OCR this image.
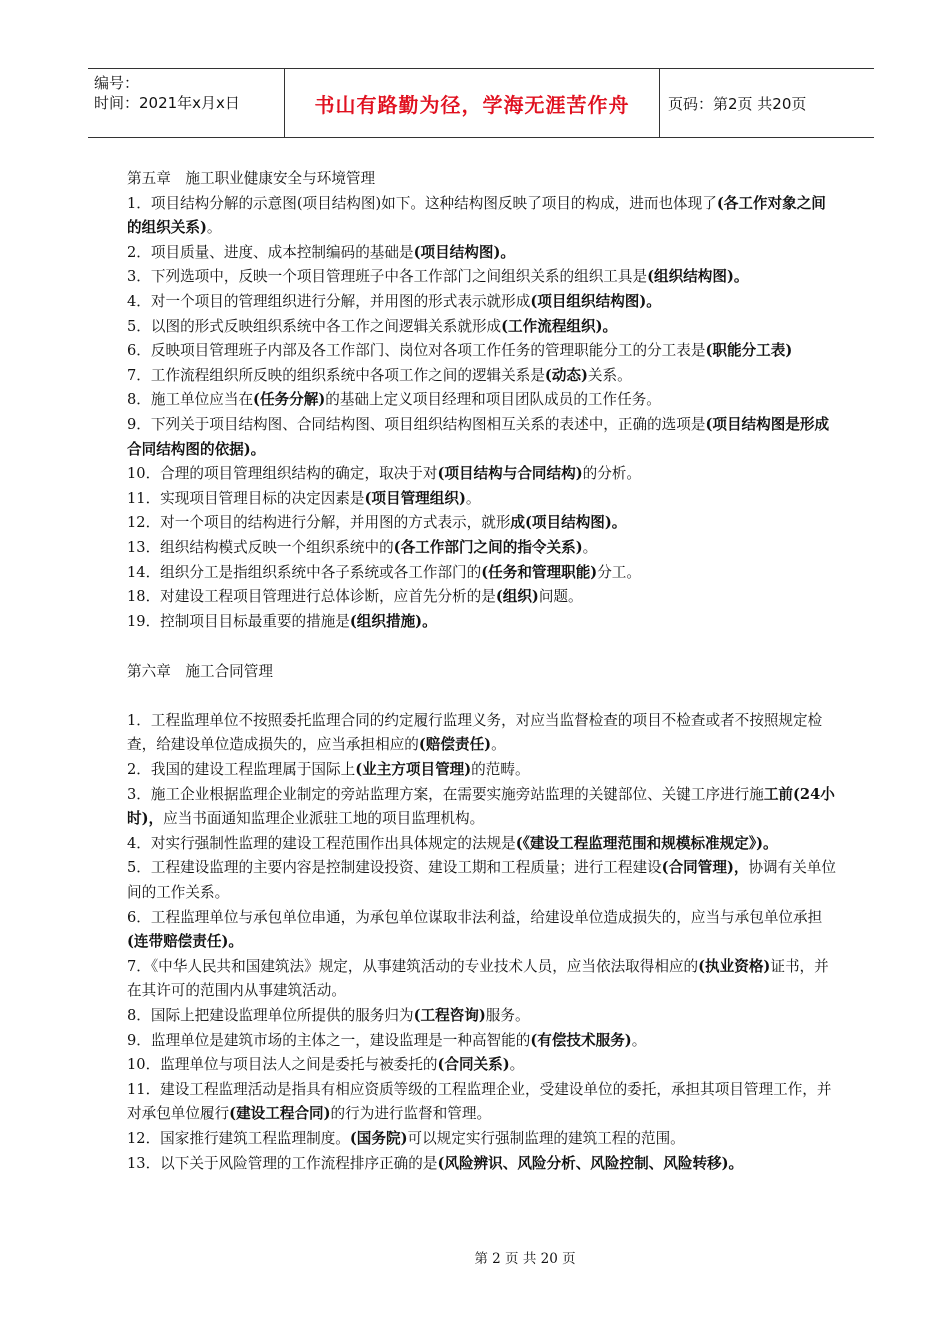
编号：
时间：2021年x月x日	书山有路勤为径，学海无涯苦作舟	页码：第2页 共20页

第五章　施工职业健康安全与环境管理

1．项目结构分解的示意图(项目结构图)如下。这种结构图反映了项目的构成，进而也体现了(各工作对象之间的组织关系)。

2．项目质量、进度、成本控制编码的基础是(项目结构图)。

3．下列选项中，反映一个项目管理班子中各工作部门之间组织关系的组织工具是(组织结构图)。

4．对一个项目的管理组织进行分解，并用图的形式表示就形成(项目组织结构图)。

5．以图的形式反映组织系统中各工作之间逻辑关系就形成(工作流程组织)。

6．反映项目管理班子内部及各工作部门、岗位对各项工作任务的管理职能分工的分工表是(职能分工表)

7．工作流程组织所反映的组织系统中各项工作之间的逻辑关系是(动态)关系。

8．施工单位应当在(任务分解)的基础上定义项目经理和项目团队成员的工作任务。

9．下列关于项目结构图、合同结构图、项目组织结构图相互关系的表述中，正确的选项是(项目结构图是形成合同结构图的依据)。

10．合理的项目管理组织结构的确定，取决于对(项目结构与合同结构)的分析。

11．实现项目管理目标的决定因素是(项目管理组织)。

12．对一个项目的结构进行分解，并用图的方式表示，就形成(项目结构图)。

13．组织结构模式反映一个组织系统中的(各工作部门之间的指令关系)。

14．组织分工是指组织系统中各子系统或各工作部门的(任务和管理职能)分工。

18．对建设工程项目管理进行总体诊断，应首先分析的是(组织)问题。

19．控制项目目标最重要的措施是(组织措施)。

第六章　施工合同管理

1．工程监理单位不按照委托监理合同的约定履行监理义务，对应当监督检查的项目不检查或者不按照规定检查，给建设单位造成损失的，应当承担相应的(赔偿责任)。

2．我国的建设工程监理属于国际上(业主方项目管理)的范畴。

3．施工企业根据监理企业制定的旁站监理方案，在需要实施旁站监理的关键部位、关键工序进行施工前(24小时)，应当书面通知监理企业派驻工地的项目监理机构。

4．对实行强制性监理的建设工程范围作出具体规定的法规是(《建设工程监理范围和规模标准规定》)。

5．工程建设监理的主要内容是控制建设投资、建设工期和工程质量；进行工程建设(合同管理)，协调有关单位间的工作关系。

6．工程监理单位与承包单位串通，为承包单位谋取非法利益，给建设单位造成损失的，应当与承包单位承担(连带赔偿责任)。

7．《中华人民共和国建筑法》规定，从事建筑活动的专业技术人员，应当依法取得相应的(执业资格)证书，并在其许可的范围内从事建筑活动。

8．国际上把建设监理单位所提供的服务归为(工程咨询)服务。

9．监理单位是建筑市场的主体之一，建设监理是一种高智能的(有偿技术服务)。

10．监理单位与项目法人之间是委托与被委托的(合同关系)。

11．建设工程监理活动是指具有相应资质等级的工程监理企业，受建设单位的委托，承担其项目管理工作，并对承包单位履行(建设工程合同)的行为进行监督和管理。

12．国家推行建筑工程监理制度。(国务院)可以规定实行强制监理的建筑工程的范围。

13．以下关于风险管理的工作流程排序正确的是(风险辨识、风险分析、风险控制、风险转移)。

第 2 页 共 20 页
